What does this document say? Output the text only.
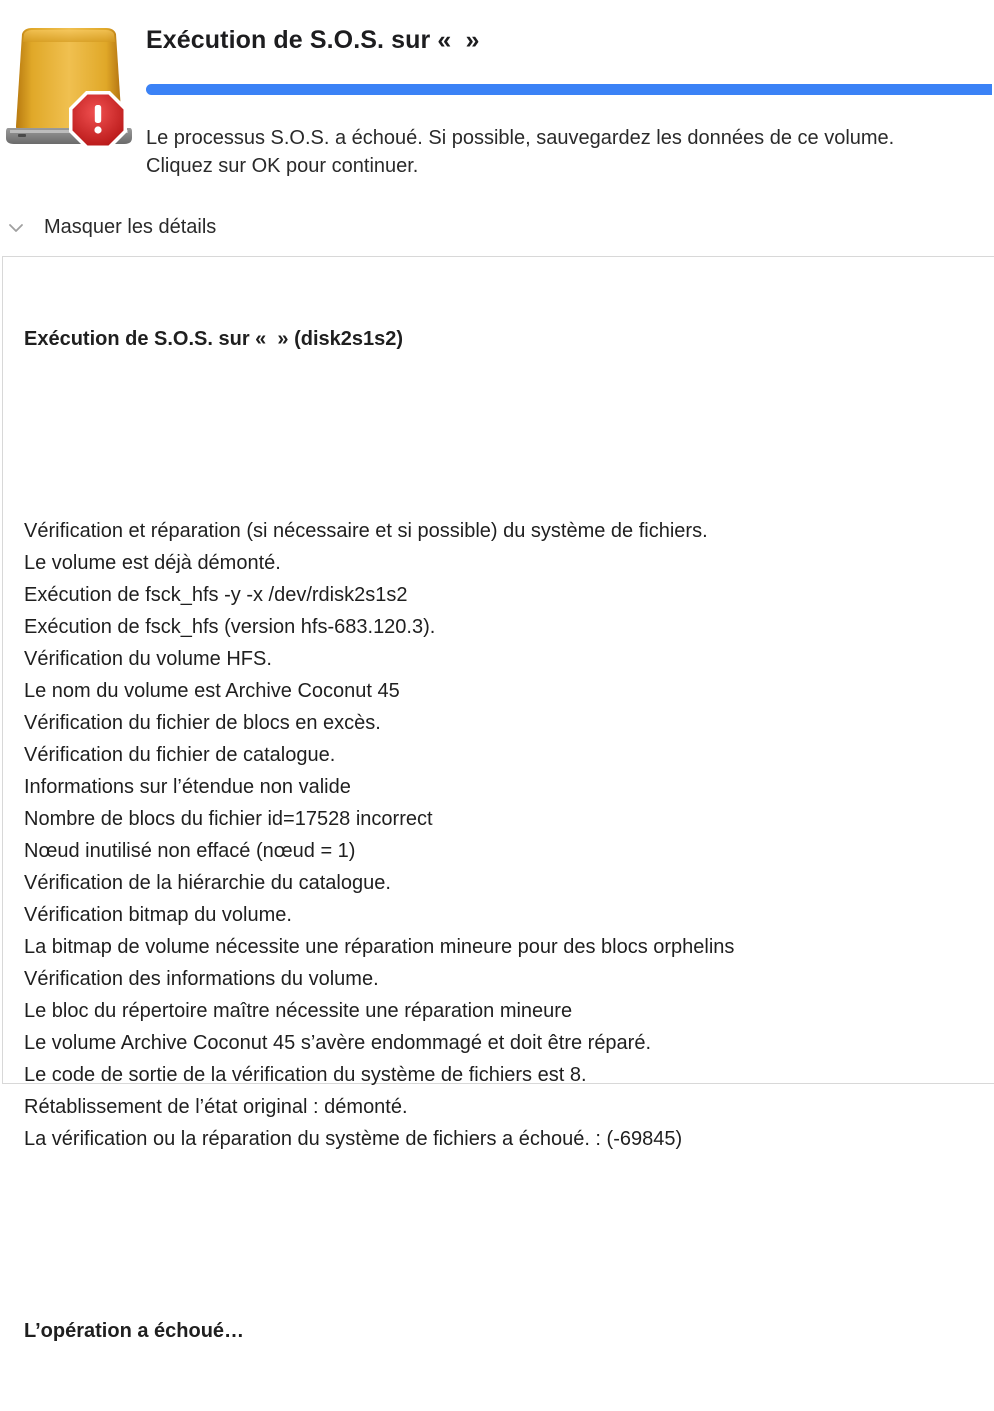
Exécution de S.O.S. sur «  »
Le processus S.O.S. a échoué. Si possible, sauvegardez les données de ce volume. Cliquez sur OK pour continuer.
Masquer les détails

Exécution de S.O.S. sur «  » (disk2s1s2)

Vérification et réparation (si nécessaire et si possible) du système de fichiers.
Le volume est déjà démonté.
Exécution de fsck_hfs -y -x /dev/rdisk2s1s2
Exécution de fsck_hfs (version hfs-683.120.3).
Vérification du volume HFS.
Le nom du volume est Archive Coconut 45
Vérification du fichier de blocs en excès.
Vérification du fichier de catalogue.
Informations sur l’étendue non valide
Nombre de blocs du fichier id=17528 incorrect
Nœud inutilisé non effacé (nœud = 1)
Vérification de la hiérarchie du catalogue.
Vérification bitmap du volume.
La bitmap de volume nécessite une réparation mineure pour des blocs orphelins
Vérification des informations du volume.
Le bloc du répertoire maître nécessite une réparation mineure
Le volume Archive Coconut 45 s’avère endommagé et doit être réparé.
Le code de sortie de la vérification du système de fichiers est 8.
Rétablissement de l’état original : démonté.
La vérification ou la réparation du système de fichiers a échoué. : (-69845)

L’opération a échoué…
